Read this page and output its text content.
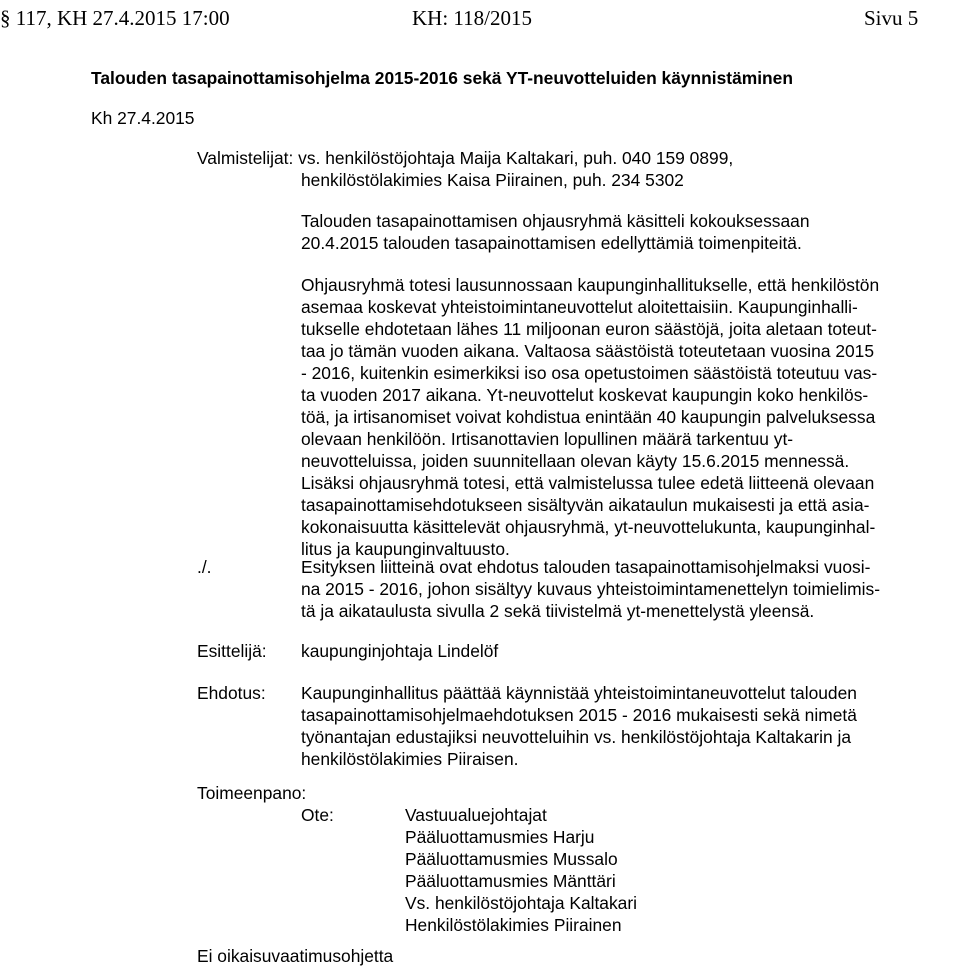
§ 117, KH 27.4.2015 17:00	KH: 118/2015	Sivu 5
Talouden tasapainottamisohjelma 2015-2016 sekä YT-neuvotteluiden käynnistäminen
Kh 27.4.2015
Valmistelijat: vs. henkilöstöjohtaja Maija Kaltakari, puh. 040 159 0899,
henkilöstölakimies Kaisa Piirainen, puh. 234 5302
Talouden tasapainottamisen ohjausryhmä käsitteli kokouksessaan
20.4.2015 talouden tasapainottamisen edellyttämiä toimenpiteitä.
Ohjausryhmä totesi lausunnossaan kaupunginhallitukselle, että henkilöstön
asemaa koskevat yhteistoimintaneuvottelut aloitettaisiin. Kaupunginhalli-
tukselle ehdotetaan lähes 11 miljoonan euron säästöjä, joita aletaan toteut-
taa jo tämän vuoden aikana. Valtaosa säästöistä toteutetaan vuosina 2015
- 2016, kuitenkin esimerkiksi iso osa opetustoimen säästöistä toteutuu vas-
ta vuoden 2017 aikana. Yt-neuvottelut koskevat kaupungin koko henkilös-
töä, ja irtisanomiset voivat kohdistua enintään 40 kaupungin palveluksessa
olevaan henkilöön. Irtisanottavien lopullinen määrä tarkentuu yt-
neuvotteluissa, joiden suunnitellaan olevan käyty 15.6.2015 mennessä.
Lisäksi ohjausryhmä totesi, että valmistelussa tulee edetä liitteenä olevaan
tasapainottamisehdotukseen sisältyvän aikataulun mukaisesti ja että asia-
kokonaisuutta käsittelevät ohjausryhmä, yt-neuvottelukunta, kaupunginhal-
litus ja kaupunginvaltuusto.
./.	Esityksen liitteinä ovat ehdotus talouden tasapainottamisohjelmaksi vuosi-
na 2015 - 2016, johon sisältyy kuvaus yhteistoimintamenettelyn toimielimis-
tä ja aikataulusta sivulla 2 sekä tiivistelmä yt-menettelystä yleensä.
Esittelijä: kaupunginjohtaja Lindelöf
Ehdotus: Kaupunginhallitus päättää käynnistää yhteistoimintaneuvottelut talouden
tasapainottamisohjelmaehdotuksen 2015 - 2016 mukaisesti sekä nimetä
työnantajan edustajiksi neuvotteluihin vs. henkilöstöjohtaja Kaltakarin ja
henkilöstölakimies Piiraisen.
Toimeenpano:
Ote:	Vastuualuejohtajat
Pääluottamusmies Harju
Pääluottamusmies Mussalo
Pääluottamusmies Mänttäri
Vs. henkilöstöjohtaja Kaltakari
Henkilöstölakimies Piirainen
Ei oikaisuvaatimusohjetta
